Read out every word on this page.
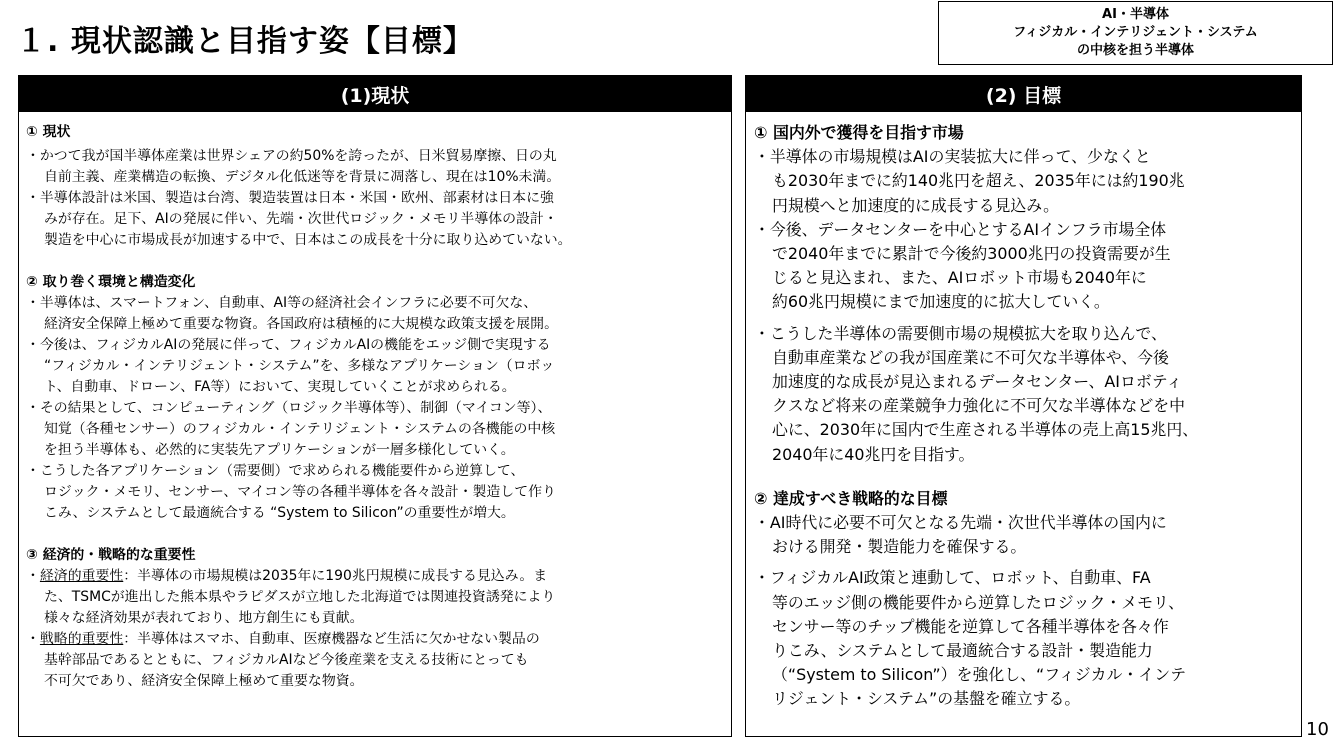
１. 現状認識と目指す姿【目標】
AI・半導体
フィジカル・インテリジェント・システム
の中核を担う半導体
(1)現状
① 現状
・かつて我が国半導体産業は世界シェアの約50%を誇ったが、日米貿易摩擦、日の丸
自前主義、産業構造の転換、デジタル化低迷等を背景に凋落し、現在は10%未満。
・半導体設計は米国、製造は台湾、製造装置は日本・米国・欧州、部素材は日本に強
みが存在。足下、AIの発展に伴い、先端・次世代ロジック・メモリ半導体の設計・
製造を中心に市場成長が加速する中で、日本はこの成長を十分に取り込めていない。
② 取り巻く環境と構造変化
・半導体は、スマートフォン、自動車、AI等の経済社会インフラに必要不可欠な、
経済安全保障上極めて重要な物資。各国政府は積極的に大規模な政策支援を展開。
・今後は、フィジカルAIの発展に伴って、フィジカルAIの機能をエッジ側で実現する
“フィジカル・インテリジェント・システム”を、多様なアプリケーション（ロボッ
ト、自動車、ドローン、FA等）において、実現していくことが求められる。
・その結果として、コンピューティング（ロジック半導体等）、制御（マイコン等）、
知覚（各種センサー）のフィジカル・インテリジェント・システムの各機能の中核
を担う半導体も、必然的に実装先アプリケーションが一層多様化していく。
・こうした各アプリケーション（需要側）で求められる機能要件から逆算して、
ロジック・メモリ、センサー、マイコン等の各種半導体を各々設計・製造して作り
こみ、システムとして最適統合する “System to Silicon”の重要性が増大。
③ 経済的・戦略的な重要性
・経済的重要性：半導体の市場規模は2035年に190兆円規模に成長する見込み。ま
た、TSMCが進出した熊本県やラピダスが立地した北海道では関連投資誘発により
様々な経済効果が表れており、地方創生にも貢献。
・戦略的重要性：半導体はスマホ、自動車、医療機器など生活に欠かせない製品の
基幹部品であるとともに、フィジカルAIなど今後産業を支える技術にとっても
不可欠であり、経済安全保障上極めて重要な物資。
(2) 目標
① 国内外で獲得を目指す市場
・半導体の市場規模はAIの実装拡大に伴って、少なくと
も2030年までに約140兆円を超え、2035年には約190兆
円規模へと加速度的に成長する見込み。
・今後、データセンターを中心とするAIインフラ市場全体
で2040年までに累計で今後約3000兆円の投資需要が生
じると見込まれ、また、AIロボット市場も2040年に
約60兆円規模にまで加速度的に拡大していく。
・こうした半導体の需要側市場の規模拡大を取り込んで、
自動車産業などの我が国産業に不可欠な半導体や、今後
加速度的な成長が見込まれるデータセンター、AIロボティ
クスなど将来の産業競争力強化に不可欠な半導体などを中
心に、2030年に国内で生産される半導体の売上高15兆円、
2040年に40兆円を目指す。
② 達成すべき戦略的な目標
・AI時代に必要不可欠となる先端・次世代半導体の国内に
おける開発・製造能力を確保する。
・フィジカルAI政策と連動して、ロボット、自動車、FA
等のエッジ側の機能要件から逆算したロジック・メモリ、
センサー等のチップ機能を逆算して各種半導体を各々作
りこみ、システムとして最適統合する設計・製造能力
（“System to Silicon”）を強化し、“フィジカル・インテ
リジェント・システム”の基盤を確立する。
10
